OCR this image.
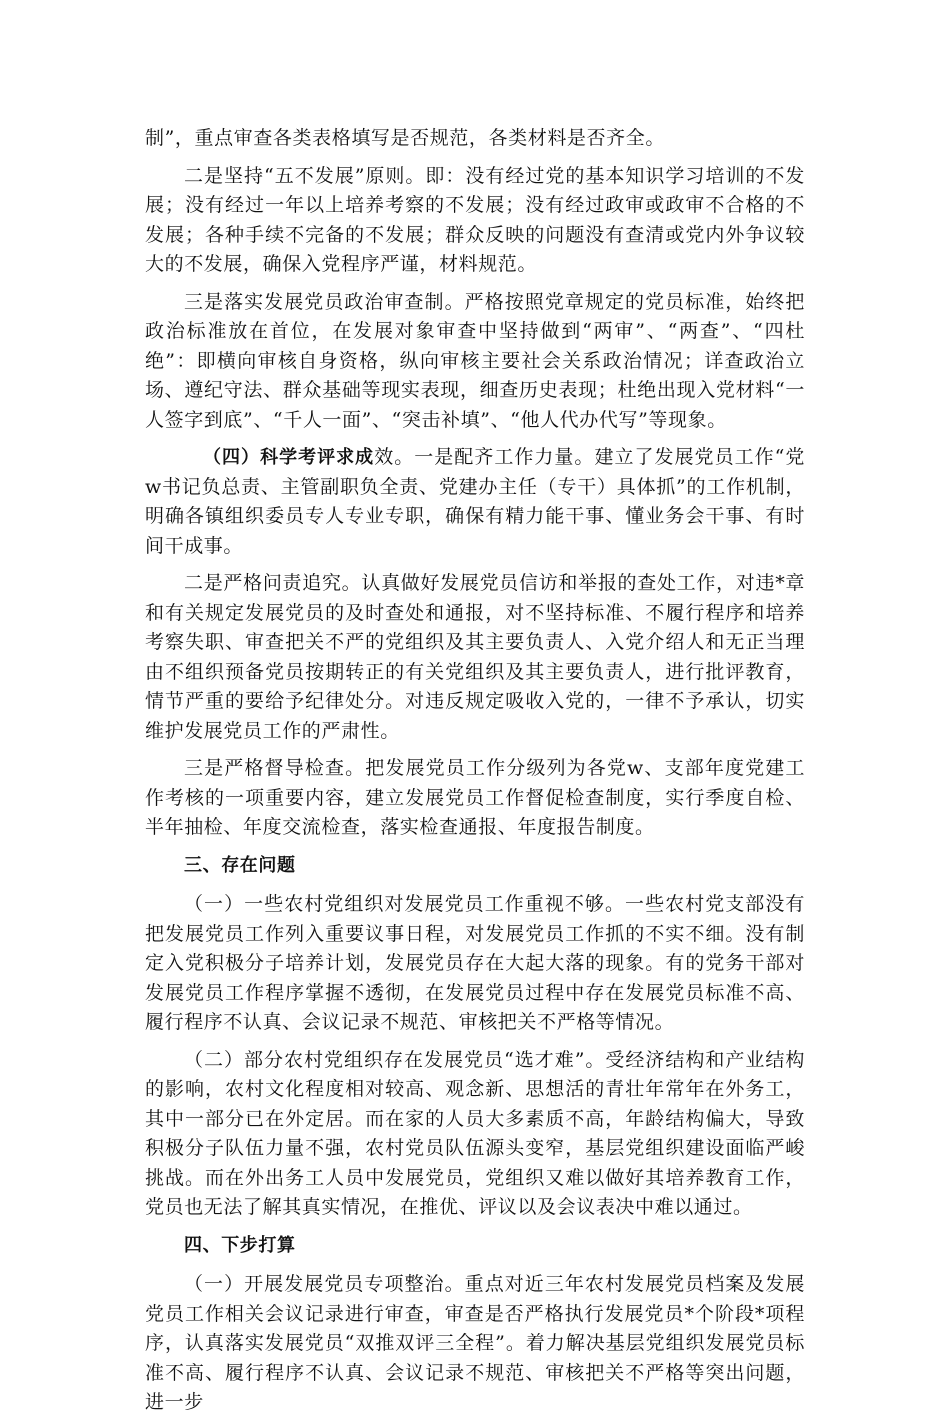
制”，重点审查各类表格填写是否规范，各类材料是否齐全。

二是坚持“五不发展”原则。即：没有经过党的基本知识学习培训的不发展；没有经过一年以上培养考察的不发展；没有经过政审或政审不合格的不发展；各种手续不完备的不发展；群众反映的问题没有查清或党内外争议较大的不发展，确保入党程序严谨，材料规范。

三是落实发展党员政治审查制。严格按照党章规定的党员标准，始终把政治标准放在首位，在发展对象审查中坚持做到“两审”、“两查”、“四杜绝”：即横向审核自身资格，纵向审核主要社会关系政治情况；详查政治立场、遵纪守法、群众基础等现实表现，细查历史表现；杜绝出现入党材料“一人签字到底”、“千人一面”、“突击补填”、“他人代办代写”等现象。

（四）科学考评求成效。一是配齐工作力量。建立了发展党员工作“党w书记负总责、主管副职负全责、党建办主任（专干）具体抓”的工作机制，明确各镇组织委员专人专业专职，确保有精力能干事、懂业务会干事、有时间干成事。

二是严格问责追究。认真做好发展党员信访和举报的查处工作，对违*章和有关规定发展党员的及时查处和通报，对不坚持标准、不履行程序和培养考察失职、审查把关不严的党组织及其主要负责人、入党介绍人和无正当理由不组织预备党员按期转正的有关党组织及其主要负责人，进行批评教育，情节严重的要给予纪律处分。对违反规定吸收入党的，一律不予承认，切实维护发展党员工作的严肃性。

三是严格督导检查。把发展党员工作分级列为各党w、支部年度党建工作考核的一项重要内容，建立发展党员工作督促检查制度，实行季度自检、半年抽检、年度交流检查，落实检查通报、年度报告制度。

三、存在问题

（一）一些农村党组织对发展党员工作重视不够。一些农村党支部没有把发展党员工作列入重要议事日程，对发展党员工作抓的不实不细。没有制定入党积极分子培养计划，发展党员存在大起大落的现象。有的党务干部对发展党员工作程序掌握不透彻，在发展党员过程中存在发展党员标准不高、履行程序不认真、会议记录不规范、审核把关不严格等情况。

（二）部分农村党组织存在发展党员“选才难”。受经济结构和产业结构的影响，农村文化程度相对较高、观念新、思想活的青壮年常年在外务工，其中一部分已在外定居。而在家的人员大多素质不高，年龄结构偏大，导致积极分子队伍力量不强，农村党员队伍源头变窄，基层党组织建设面临严峻挑战。而在外出务工人员中发展党员，党组织又难以做好其培养教育工作，党员也无法了解其真实情况，在推优、评议以及会议表决中难以通过。

四、下步打算

（一）开展发展党员专项整治。重点对近三年农村发展党员档案及发展党员工作相关会议记录进行审查，审查是否严格执行发展党员*个阶段*项程序，认真落实发展党员“双推双评三全程”。着力解决基层党组织发展党员标准不高、履行程序不认真、会议记录不规范、审核把关不严格等突出问题，进一步
